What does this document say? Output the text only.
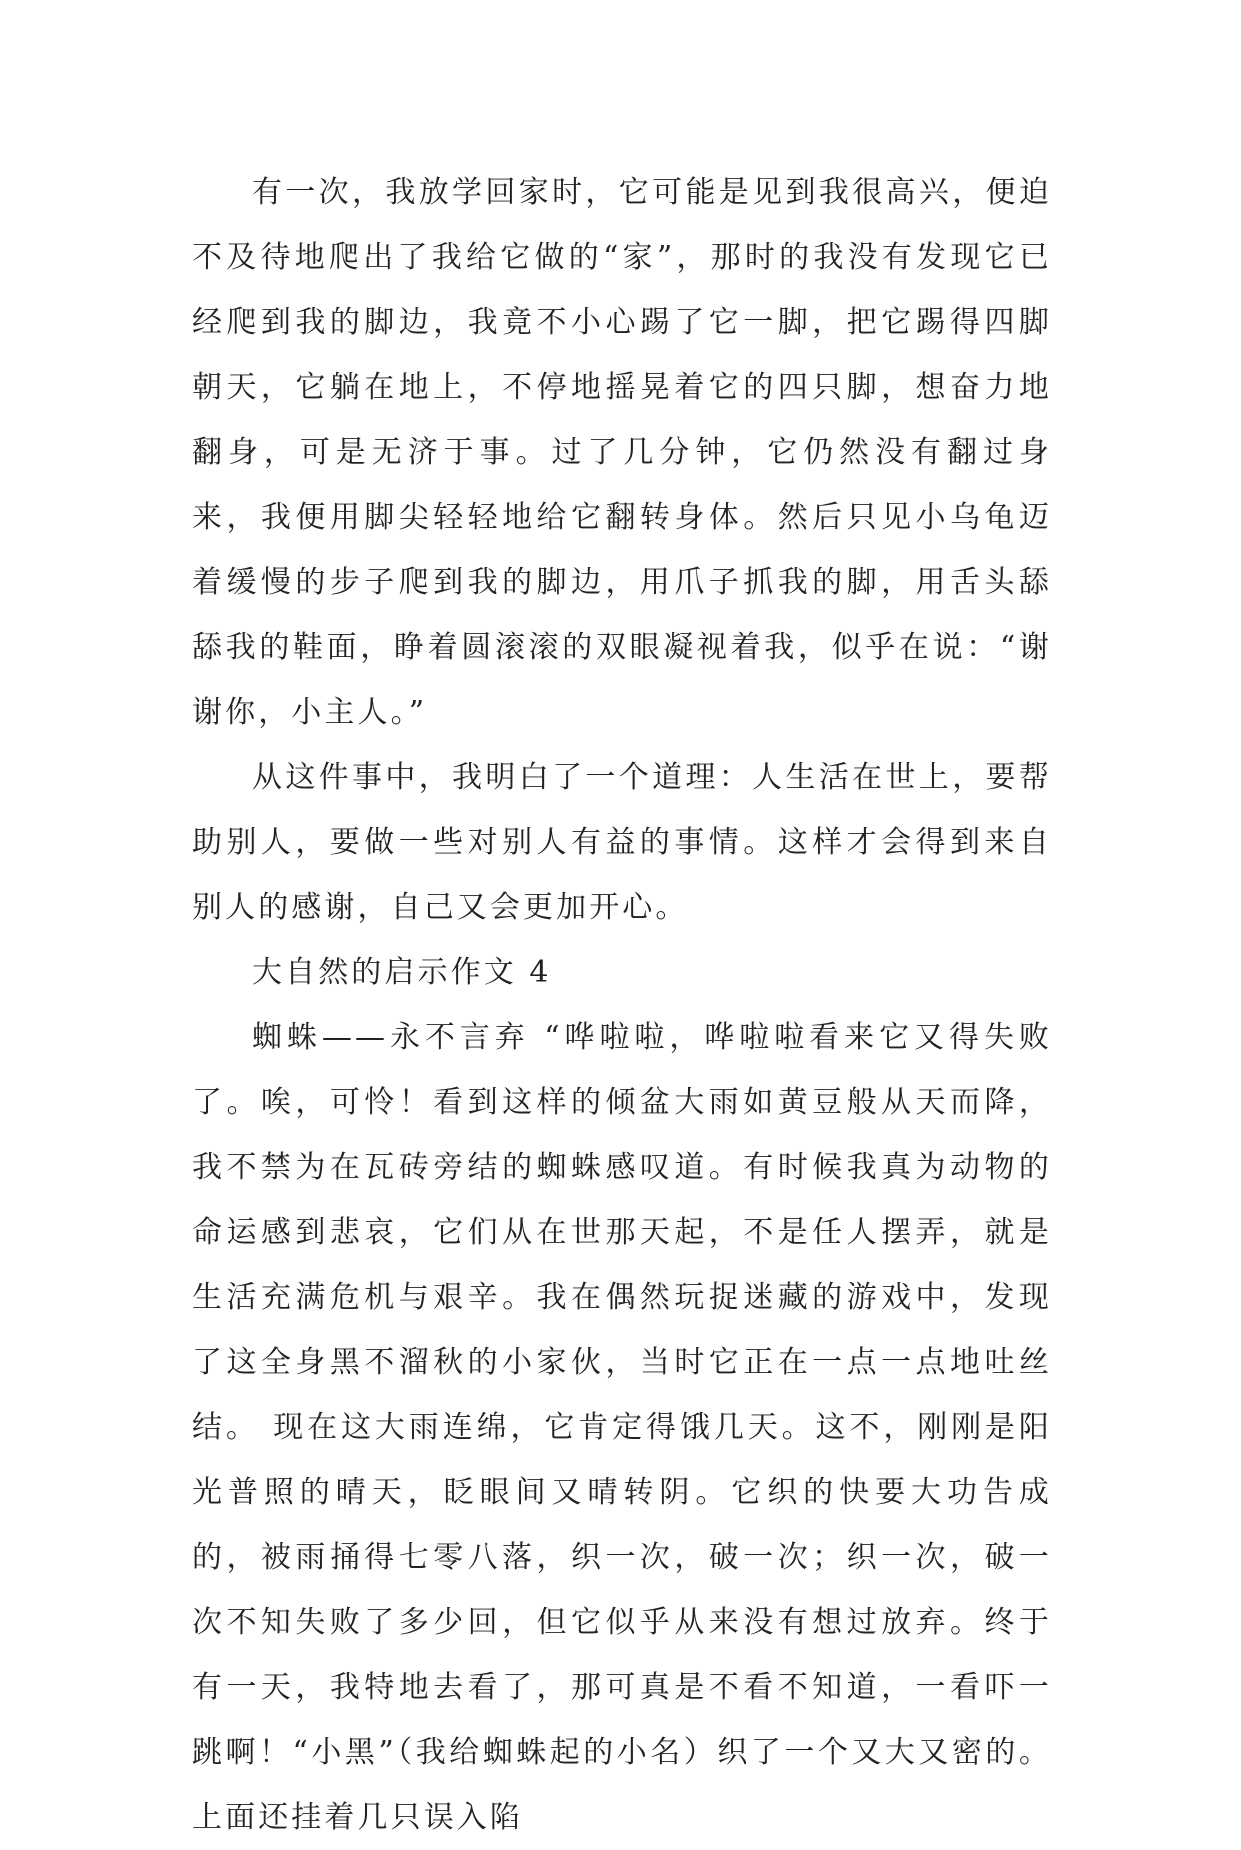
有一次，我放学回家时，它可能是见到我很高兴，便迫不及待地爬出了我给它做的“家”，那时的我没有发现它已经爬到我的脚边，我竟不小心踢了它一脚，把它踢得四脚朝天，它躺在地上，不停地摇晃着它的四只脚，想奋力地翻身，可是无济于事。过了几分钟，它仍然没有翻过身来，我便用脚尖轻轻地给它翻转身体。然后只见小乌龟迈着缓慢的步子爬到我的脚边，用爪子抓我的脚，用舌头舔舔我的鞋面，睁着圆滚滚的双眼凝视着我，似乎在说：“谢谢你，小主人。”

从这件事中，我明白了一个道理：人生活在世上，要帮助别人，要做一些对别人有益的事情。这样才会得到来自别人的感谢，自己又会更加开心。

大自然的启示作文 4

蜘蛛——永不言弃 “哗啦啦，哗啦啦看来它又得失败了。唉，可怜！看到这样的倾盆大雨如黄豆般从天而降，我不禁为在瓦砖旁结的蜘蛛感叹道。有时候我真为动物的命运感到悲哀，它们从在世那天起，不是任人摆弄，就是生活充满危机与艰辛。我在偶然玩捉迷藏的游戏中，发现了这全身黑不溜秋的小家伙，当时它正在一点一点地吐丝结。 现在这大雨连绵，它肯定得饿几天。这不，刚刚是阳光普照的晴天，眨眼间又晴转阴。它织的快要大功告成的，被雨捅得七零八落，织一次，破一次；织一次，破一次不知失败了多少回，但它似乎从来没有想过放弃。终于有一天，我特地去看了，那可真是不看不知道，一看吓一跳啊！“小黑”（我给蜘蛛起的小名）织了一个又大又密的。上面还挂着几只误入陷
